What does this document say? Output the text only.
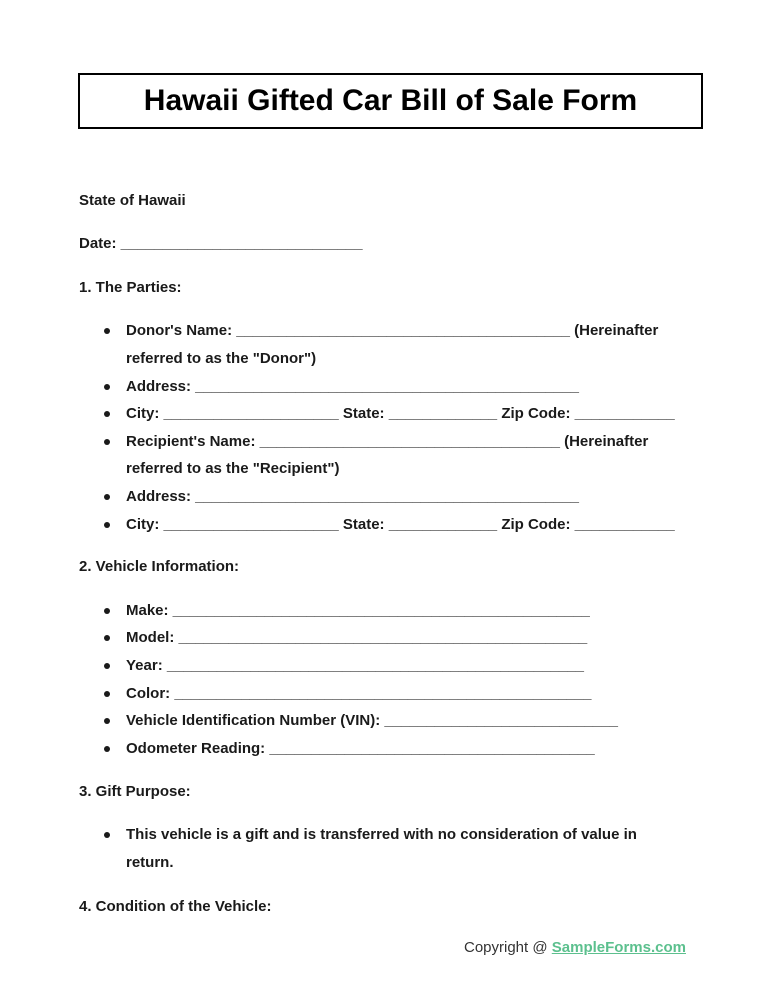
Hawaii Gifted Car Bill of Sale Form
State of Hawaii
Date: _____________________________
1. The Parties:
Donor's Name: ________________________________________ (Hereinafter
referred to as the "Donor")
Address: ______________________________________________
City: _____________________ State: _____________ Zip Code: ____________
Recipient's Name: ____________________________________ (Hereinafter
referred to as the "Recipient")
Address: ______________________________________________
City: _____________________ State: _____________ Zip Code: ____________
2. Vehicle Information:
Make: __________________________________________________
Model: _________________________________________________
Year: __________________________________________________
Color: __________________________________________________
Vehicle Identification Number (VIN): ____________________________
Odometer Reading: _______________________________________
3. Gift Purpose:
This vehicle is a gift and is transferred with no consideration of value in
return.
4. Condition of the Vehicle:
Copyright @ SampleForms.com
